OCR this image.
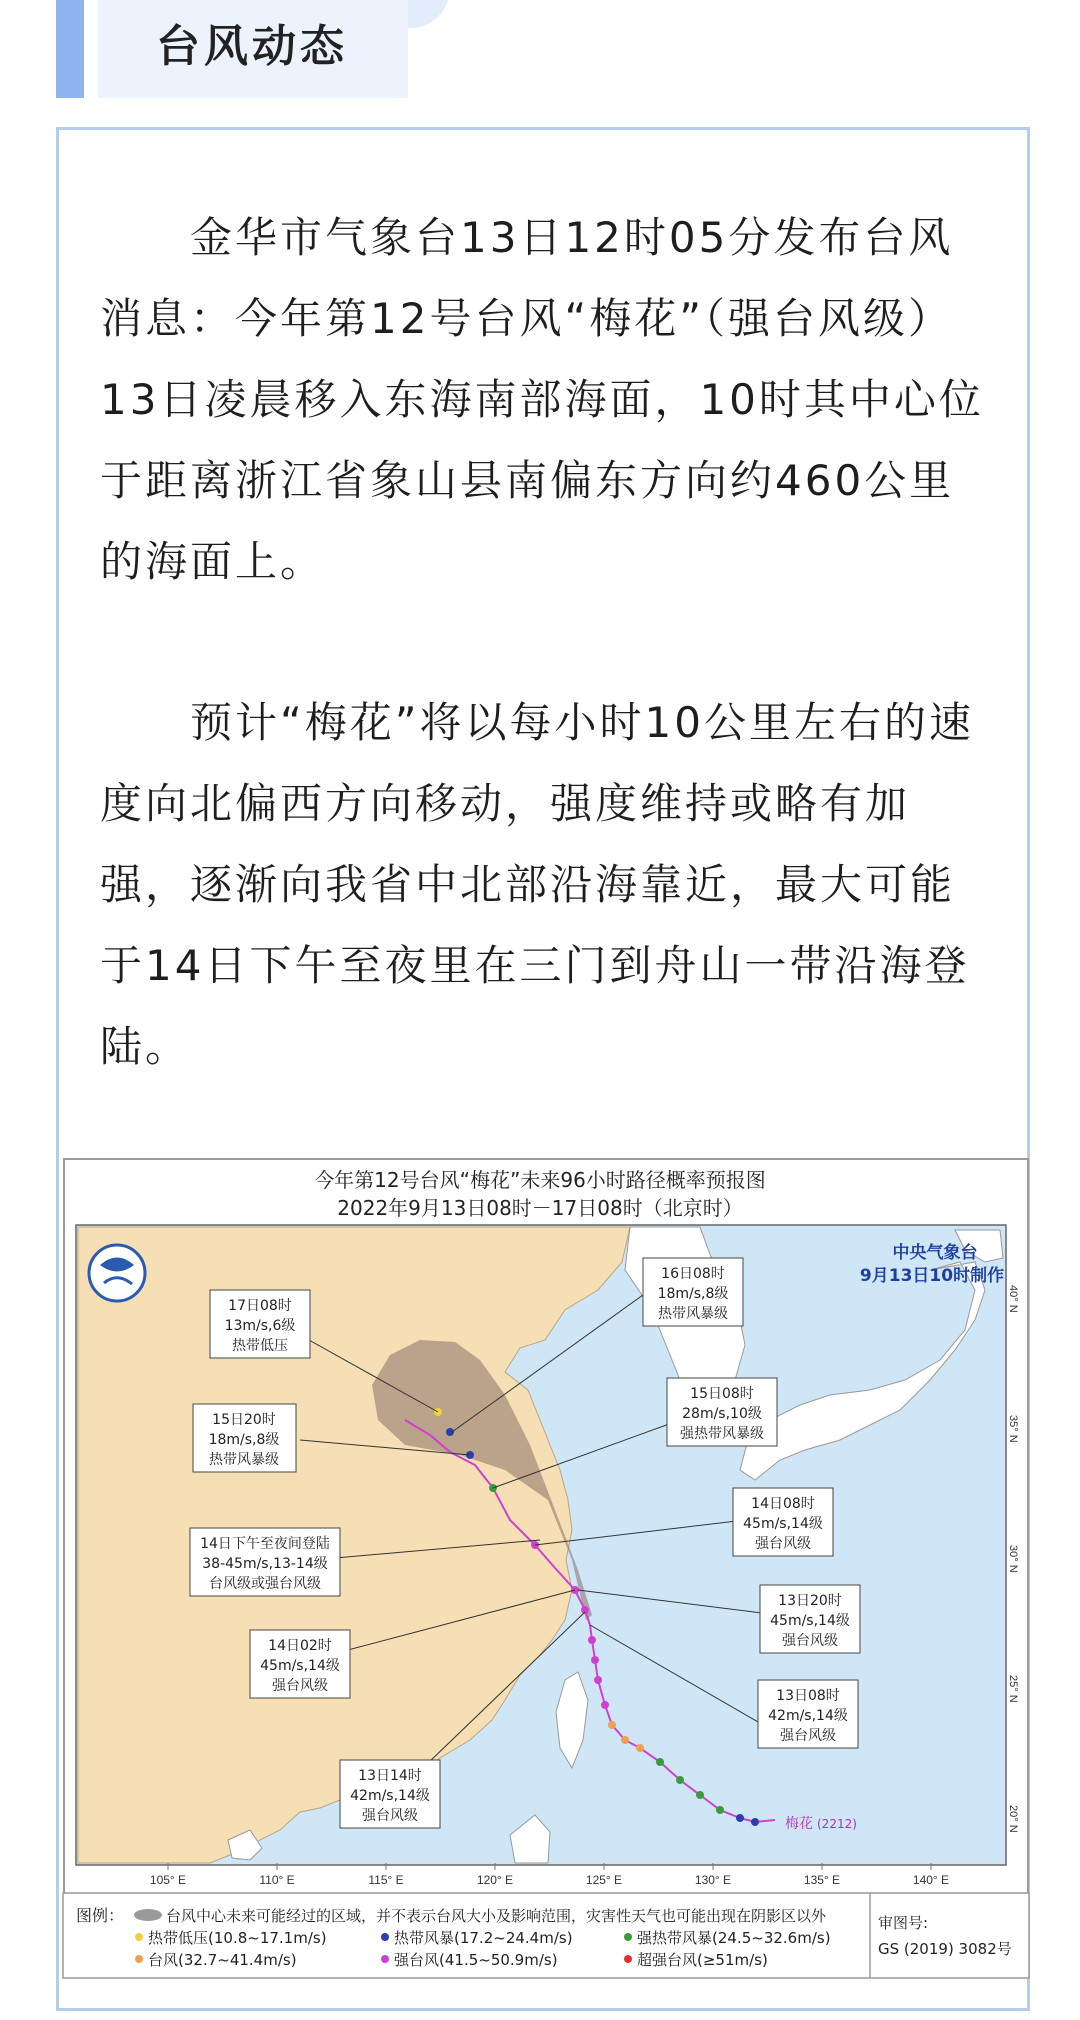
台风动态

　　金华市气象台13日12时05分发布台风消息：今年第12号台风“梅花”（强台风级）13日凌晨移入东海南部海面，10时其中心位于距离浙江省象山县南偏东方向约460公里的海面上。

　　预计“梅花”将以每小时10公里左右的速度向北偏西方向移动，强度维持或略有加强，逐渐向我省中北部沿海靠近，最大可能于14日下午至夜里在三门到舟山一带沿海登陆。

今年第12号台风“梅花”未来96小时路径概率预报图
2022年9月13日08时－17日08时（北京时）
105° E	110° E	115° E	120° E	125° E	130° E	135° E	140° E
40° N
35° N
30° N
25° N
20° N
中央气象台
9月13日10时制作
梅花 (2212)
17日08时
13m/s,6级
热带低压
16日08时
18m/s,8级
热带风暴级
15日20时
18m/s,8级
热带风暴级
15日08时
28m/s,10级
强热带风暴级
14日08时
45m/s,14级
强台风级
14日下午至夜间登陆
38-45m/s,13-14级
台风级或强台风级
13日20时
45m/s,14级
强台风级
14日02时
45m/s,14级
强台风级
13日08时
42m/s,14级
强台风级
13日14时
42m/s,14级
强台风级
图例：	台风中心未来可能经过的区域，并不表示台风大小及影响范围，灾害性天气也可能出现在阴影区以外
热带低压(10.8~17.1m/s)	热带风暴(17.2~24.4m/s)	强热带风暴(24.5~32.6m/s)
台风(32.7~41.4m/s)	强台风(41.5~50.9m/s)	超强台风(≥51m/s)
审图号:
GS (2019) 3082号
